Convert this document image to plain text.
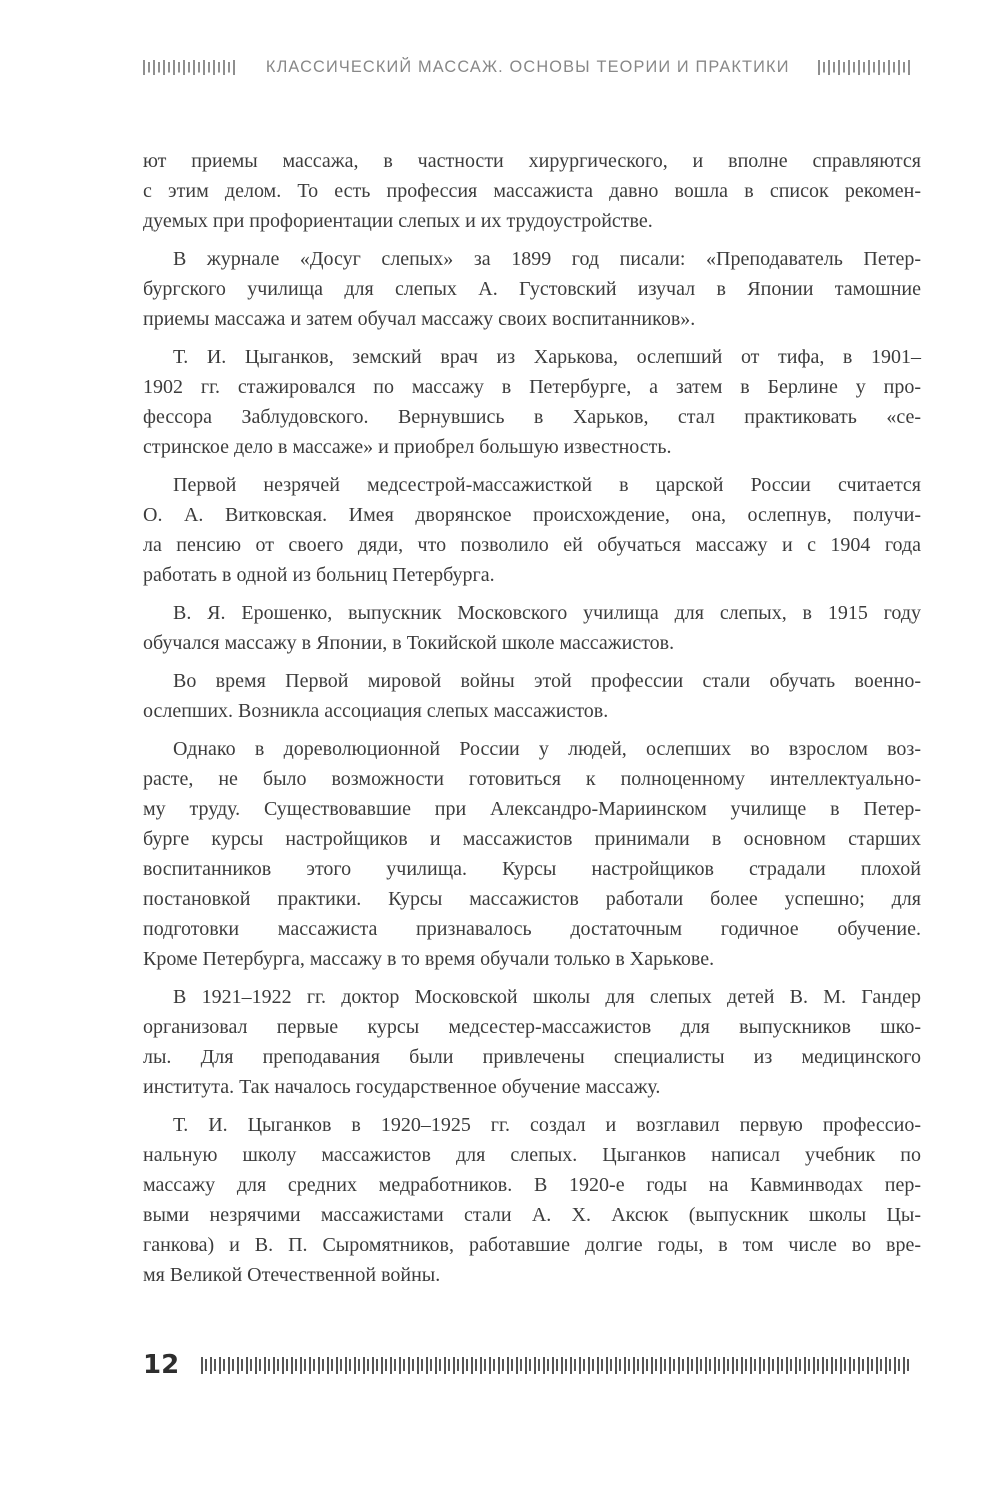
КЛАССИЧЕСКИЙ МАССАЖ. ОСНОВЫ ТЕОРИИ И ПРАКТИКИ
ют приемы массажа, в частности хирургического, и вполне справляются
с этим делом. То есть профессия массажиста давно вошла в список рекомен-
дуемых при профориентации слепых и их трудоустройстве.
В журнале «Досуг слепых» за 1899 год писали: «Преподаватель Петер-
бургского училища для слепых А. Густовский изучал в Японии тамошние
приемы массажа и затем обучал массажу своих воспитанников».
Т. И. Цыганков, земский врач из Харькова, ослепший от тифа, в 1901–
1902 гг. стажировался по массажу в Петербурге, а затем в Берлине у про-
фессора Заблудовского. Вернувшись в Харьков, стал практиковать «се-
стринское дело в массаже» и приобрел большую известность.
Первой незрячей медсестрой-массажисткой в царской России считается
О. А. Витковская. Имея дворянское происхождение, она, ослепнув, получи-
ла пенсию от своего дяди, что позволило ей обучаться массажу и с 1904 года
работать в одной из больниц Петербурга.
В. Я. Ерошенко, выпускник Московского училища для слепых, в 1915 году
обучался массажу в Японии, в Токийской школе массажистов.
Во время Первой мировой войны этой профессии стали обучать военно-
ослепших. Возникла ассоциация слепых массажистов.
Однако в дореволюционной России у людей, ослепших во взрослом воз-
расте, не было возможности готовиться к полноценному интеллектуально-
му труду. Существовавшие при Александро-Мариинском училище в Петер-
бурге курсы настройщиков и массажистов принимали в основном старших
воспитанников этого училища. Курсы настройщиков страдали плохой
постановкой практики. Курсы массажистов работали более успешно; для
подготовки массажиста признавалось достаточным годичное обучение.
Кроме Петербурга, массажу в то время обучали только в Харькове.
В 1921–1922 гг. доктор Московской школы для слепых детей В. М. Гандер
организовал первые курсы медсестер-массажистов для выпускников шко-
лы. Для преподавания были привлечены специалисты из медицинского
института. Так началось государственное обучение массажу.
Т. И. Цыганков в 1920–1925 гг. создал и возглавил первую профессио-
нальную школу массажистов для слепых. Цыганков написал учебник по
массажу для средних медработников. В 1920-е годы на Кавминводах пер-
выми незрячими массажистами стали А. Х. Аксюк (выпускник школы Цы-
ганкова) и В. П. Сыромятников, работавшие долгие годы, в том числе во вре-
мя Великой Отечественной войны.
12
